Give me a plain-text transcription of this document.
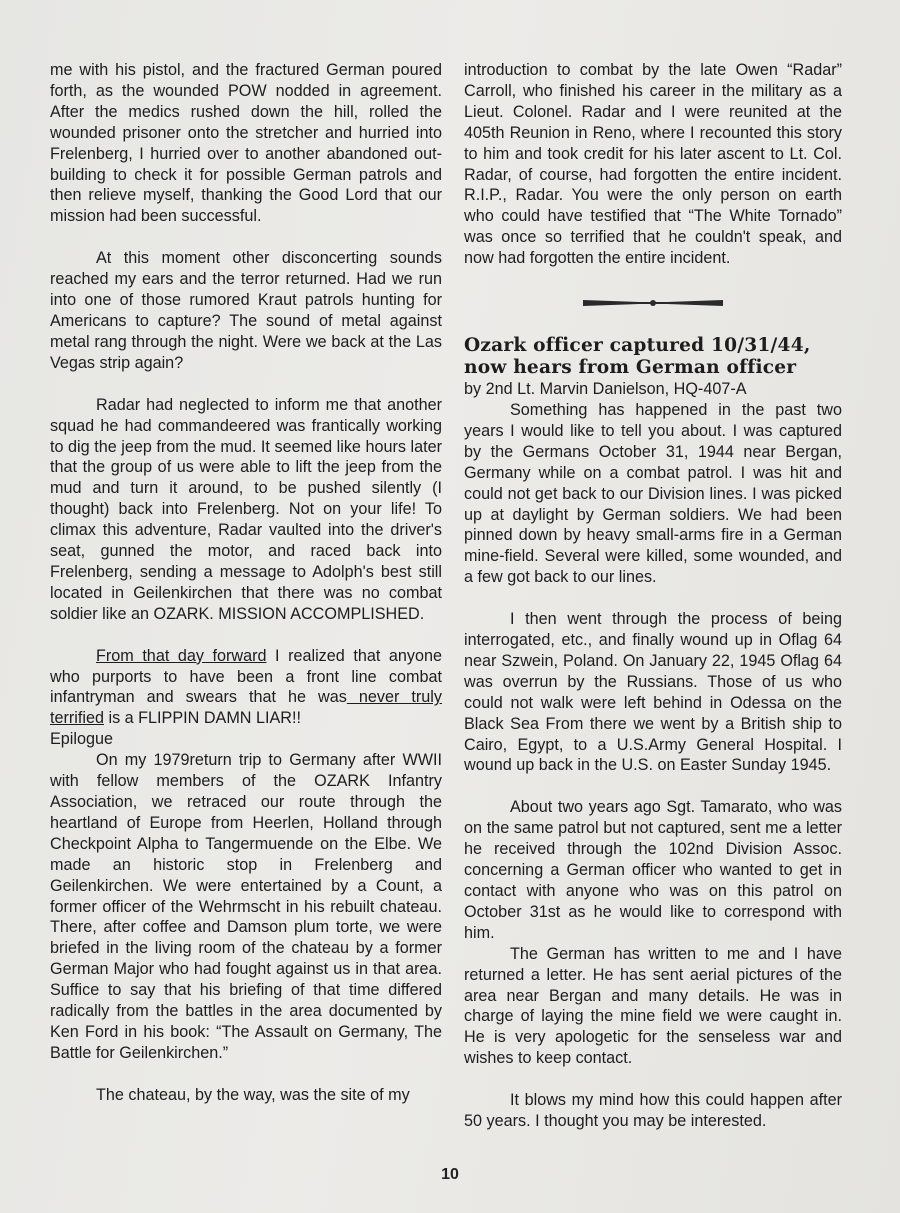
me with his pistol, and the fractured German poured forth, as the wounded POW nodded in agreement. After the medics rushed down the hill, rolled the wounded prisoner onto the stretcher and hurried into Frelenberg, I hurried over to another abandoned out-building to check it for possible German patrols and then relieve myself, thanking the Good Lord that our mission had been successful.

At this moment other disconcerting sounds reached my ears and the terror returned. Had we run into one of those rumored Kraut patrols hunting for Americans to capture? The sound of metal against metal rang through the night. Were we back at the Las Vegas strip again?

Radar had neglected to inform me that another squad he had commandeered was frantically working to dig the jeep from the mud. It seemed like hours later that the group of us were able to lift the jeep from the mud and turn it around, to be pushed silently (I thought) back into Frelenberg. Not on your life! To climax this adventure, Radar vaulted into the driver's seat, gunned the motor, and raced back into Frelenberg, sending a message to Adolph's best still located in Geilenkirchen that there was no combat soldier like an OZARK. MISSION ACCOMPLISHED.

From that day forward I realized that anyone who purports to have been a front line combat infantryman and swears that he was never truly terrified is a FLIPPIN DAMN LIAR!!

Epilogue

On my 1979return trip to Germany after WWII with fellow members of the OZARK Infantry Association, we retraced our route through the heartland of Europe from Heerlen, Holland through Checkpoint Alpha to Tangermuende on the Elbe. We made an historic stop in Frelenberg and Geilenkirchen. We were entertained by a Count, a former officer of the Wehrmscht in his rebuilt chateau. There, after coffee and Damson plum torte, we were briefed in the living room of the chateau by a former German Major who had fought against us in that area. Suffice to say that his briefing of that time differed radically from the battles in the area documented by Ken Ford in his book: “The Assault on Germany, The Battle for Geilenkirchen.”

The chateau, by the way, was the site of my

introduction to combat by the late Owen “Radar” Carroll, who finished his career in the military as a Lieut. Colonel. Radar and I were reunited at the 405th Reunion in Reno, where I recounted this story to him and took credit for his later ascent to Lt. Col. Radar, of course, had forgotten the entire incident. R.I.P., Radar. You were the only person on earth who could have testified that “The White Tornado” was once so terrified that he couldn't speak, and now had forgotten the entire incident.

Ozark officer captured 10/31/44,

now hears from German officer

by 2nd Lt. Marvin Danielson, HQ-407-A

Something has happened in the past two years I would like to tell you about. I was captured by the Germans October 31, 1944 near Bergan, Germany while on a combat patrol. I was hit and could not get back to our Division lines. I was picked up at daylight by German soldiers. We had been pinned down by heavy small-arms fire in a German mine-field. Several were killed, some wounded, and a few got back to our lines.

I then went through the process of being interrogated, etc., and finally wound up in Oflag 64 near Szwein, Poland. On January 22, 1945 Oflag 64 was overrun by the Russians. Those of us who could not walk were left behind in Odessa on the Black Sea From there we went by a British ship to Cairo, Egypt, to a U.S.Army General Hospital. I wound up back in the U.S. on Easter Sunday 1945.

About two years ago Sgt. Tamarato, who was on the same patrol but not captured, sent me a letter he received through the 102nd Division Assoc. concerning a German officer who wanted to get in contact with anyone who was on this patrol on October 31st as he would like to correspond with him.

The German has written to me and I have returned a letter. He has sent aerial pictures of the area near Bergan and many details. He was in charge of laying the mine field we were caught in. He is very apologetic for the senseless war and wishes to keep contact.

It blows my mind how this could happen after 50 years. I thought you may be interested.

10
